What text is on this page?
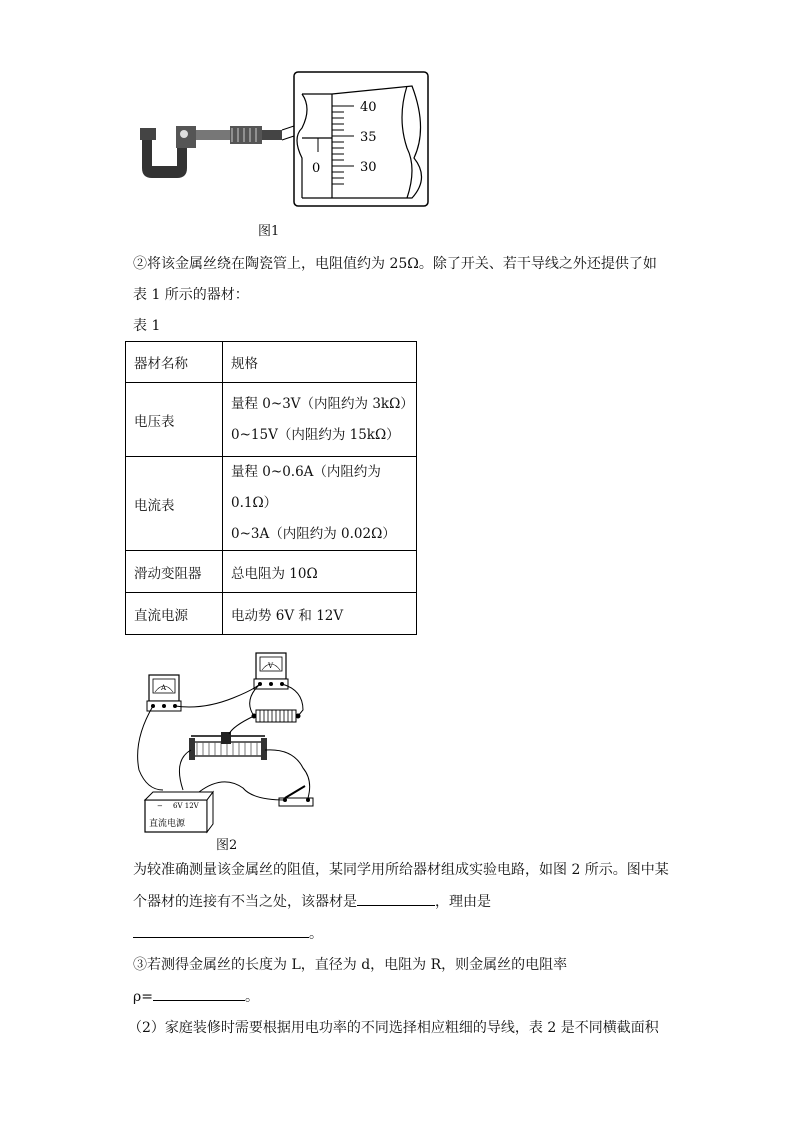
40
35
30
0
图1
②将该金属丝绕在陶瓷管上，电阻值约为 25Ω。除了开关、若干导线之外还提供了如
表 1 所示的器材：
表 1
器材名称	规格
电压表	量程 0~3V（内阻约为 3kΩ）
0~15V（内阻约为 15kΩ）

电流表	量程 0~0.6A（内阻约为 0.1Ω）
0~3A（内阻约为 0.02Ω）

滑动变阻器	总电阻为 10Ω
直流电源	电动势 6V 和 12V
A
V
− 6V 12V
直流电源
图2
为较准确测量该金属丝的阻值，某同学用所给器材组成实验电路，如图 2 所示。图中某
个器材的连接有不当之处，该器材是	，理由是
。
③若测得金属丝的长度为 L，直径为 d，电阻为 R，则金属丝的电阻率
ρ=	。
（2）家庭装修时需要根据用电功率的不同选择相应粗细的导线，表 2 是不同横截面积
